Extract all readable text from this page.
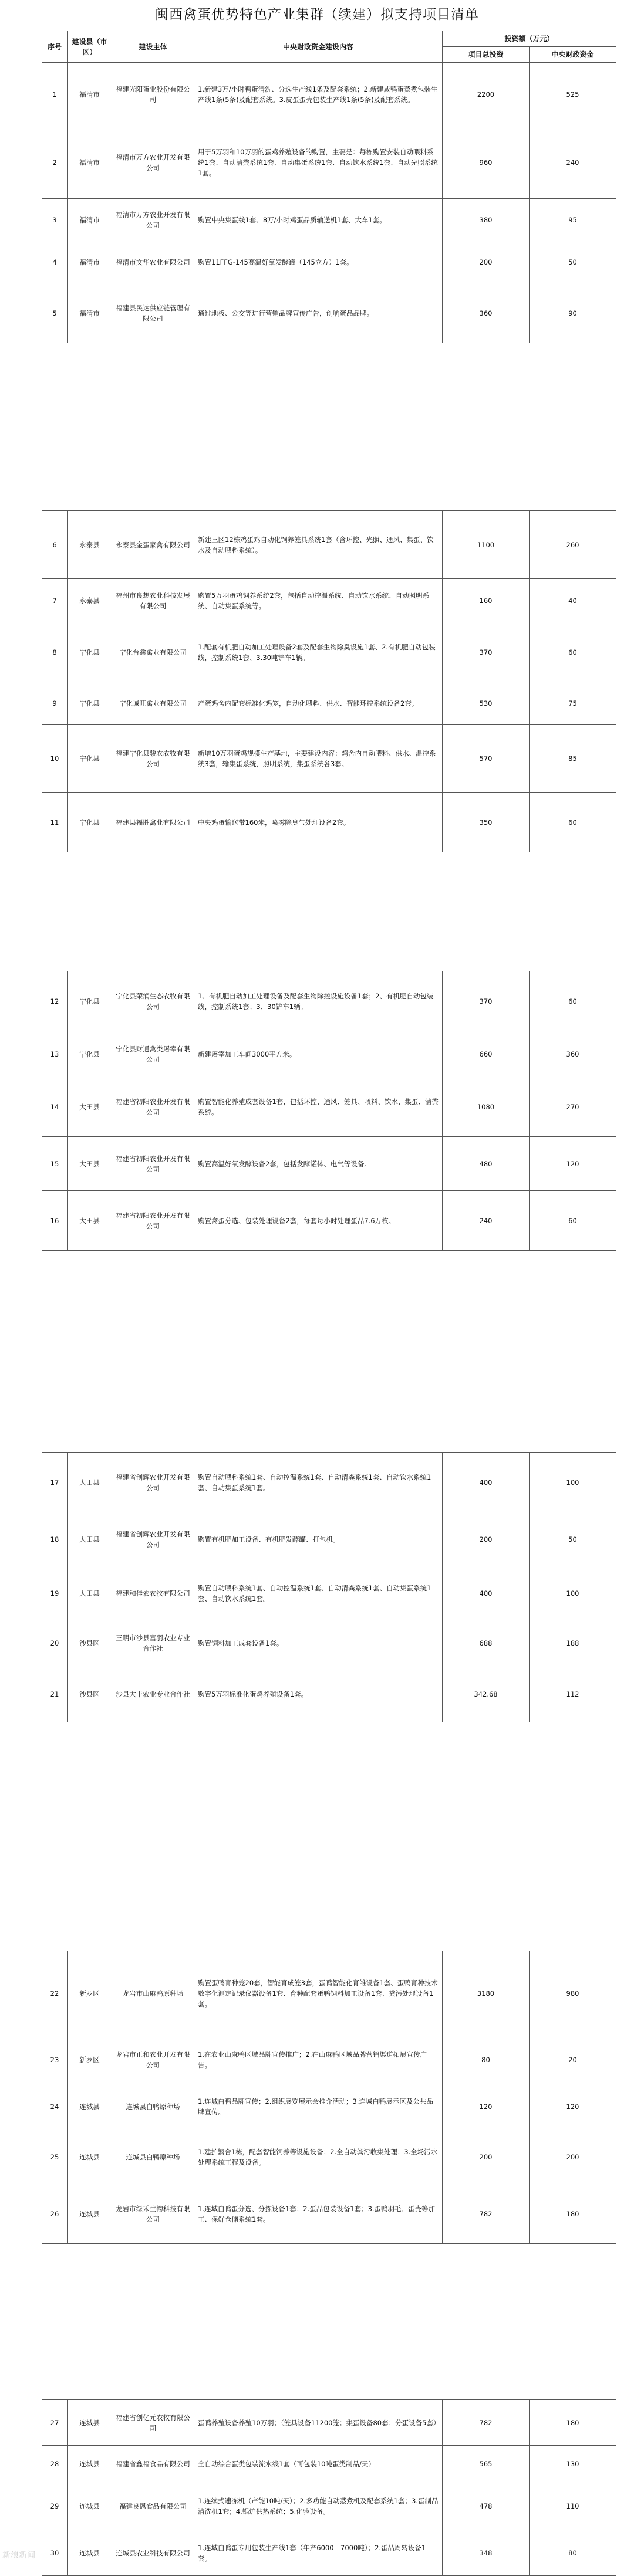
闽西禽蛋优势特色产业集群（续建）拟支持项目清单
序号	建设县（市区）	建设主体	中央财政资金建设内容	投资额（万元）	
				项目总投资	中央财政资金
1	福清市	福建光阳蛋业股份有限公司	1.新建3万/小时鸭蛋清洗、分选生产线1条及配套系统；2.新建咸鸭蛋蒸煮包装生产线1条(5条)及配套系统。3.皮蛋蛋壳包装生产线1条(5条)及配套系统。	2200	525
2	福清市	福清市万方农业开发有限公司	用于5万羽和10万羽的蛋鸡养殖设备的购置，主要是：每栋购置安装自动喂料系统1套、自动清粪系统1套、自动集蛋系统1套、自动饮水系统1套、自动光照系统1套。	960	240
3	福清市	福清市万方农业开发有限公司	购置中央集蛋线1套、8万/小时鸡蛋品质输送机1套、大车1套。	380	95
4	福清市	福清市文华农业有限公司	购置11FFG-145高温好氧发酵罐（145立方）1套。	200	50
5	福清市	福建县民达供应链管理有限公司	通过地板、公交等进行营销品牌宣传广告，创响蛋品品牌。	360	90
6	永泰县	永泰县金蛋家禽有限公司	新建三区12栋鸡蛋鸡自动化饲养笼具系统1套（含环控、光照、通风、集蛋、饮水及自动喂料系统）。	1100	260
7	永泰县	福州市良想农业科技发展有限公司	购置5万羽蛋鸡饲养系统2套，包括自动控温系统、自动饮水系统、自动照明系统、自动集蛋系统等。	160	40
8	宁化县	宁化台鑫禽业有限公司	1.配套有机肥自动加工处理设备2套及配套生物除臭设施1套、2.有机肥自动包装线，控制系统1套、3.30吨铲车1辆。	370	60
9	宁化县	宁化诚旺禽业有限公司	产蛋鸡舍内配套标准化鸡笼，自动化喂料、供水、智能环控系统设备2套。	530	75
10	宁化县	福建宁化县骏农农牧有限公司	新增10万羽蛋鸡规模生产基地，主要建设内容：鸡舍内自动喂料、供水、温控系统3套，输集蛋系统，照明系统，集蛋系统各3套。	570	85
11	宁化县	福建县福胜禽业有限公司	中央鸡蛋输送带160米，喷雾除臭气处理设备2套。	350	60
12	宁化县	宁化县荣润生态农牧有限公司	1、有机肥自动加工处理设备及配套生物除控设施设备1套；2、有机肥自动包装线，控制系统1套；3、30铲车1辆。	370	60
13	宁化县	宁化县财通禽类屠宰有限公司	新建屠宰加工车间3000平方米。	660	360
14	大田县	福建省初阳农业开发有限公司	购置智能化养殖成套设备1套，包括环控、通风、笼具、喂料、饮水、集蛋、清粪系统。	1080	270
15	大田县	福建省初阳农业开发有限公司	购置高温好氧发酵设备2套，包括发酵罐体、电气等设备。	480	120
16	大田县	福建省初阳农业开发有限公司	购置禽蛋分选、包装处理设备2套，每套每小时处理蛋品7.6万枚。	240	60
17	大田县	福建省创辉农业开发有限公司	购置自动喂料系统1套、自动控温系统1套、自动清粪系统1套、自动饮水系统1套、自动集蛋系统1套。	400	100
18	大田县	福建省创辉农业开发有限公司	购置有机肥加工设备、有机肥发酵罐、打包机。	200	50
19	大田县	福建和佳农农牧有限公司	购置自动喂料系统1套、自动控温系统1套、自动清粪系统1套、自动集蛋系统1套、自动饮水系统1套。	400	100
20	沙县区	三明市沙县富羽农业专业合作社	购置饲料加工成套设备1套。	688	188
21	沙县区	沙县大丰农业专业合作社	购置5万羽标准化蛋鸡养殖设备1套。	342.68	112
22	新罗区	龙岩市山麻鸭原种场	购置蛋鸭育种笼20套，智能育成笼3套，蛋鸭智能化育雏设备1套、蛋鸭育种技术数字化测定记录仪器设备1套、育种配套蛋鸭饲料加工设备1套、粪污处理设备1套。	3180	980
23	新罗区	龙岩市正和农业开发有限公司	1.在农业山麻鸭区域品牌宣传推广；2.在山麻鸭区域品牌营销渠道拓展宣传广告。	80	20
24	连城县	连城县白鸭原种场	1.连城白鸭品牌宣传；2.组织展览展示会推介活动；3.连城白鸭展示区及公共品牌宣传。	120	120
25	连城县	连城县白鸭原种场	1.建扩繁舍1栋，配套智能饲养等设施设备；2.全自动粪污收集处理；3.全场污水处理系统工程及设备。	200	200
26	连城县	龙岩市绿禾生物科技有限公司	1.连城白鸭蛋分选、分拣设备1套；2.蛋品包装设备1套；3.蛋鸭羽毛、蛋壳等加工、保鲜仓储系统1套。	782	180
27	连城县	福建省创亿元农牧有限公司	蛋鸭养殖设备养殖10万羽；（笼具设备11200笼；集蛋设备80套；分蛋设备5套）	782	180
28	连城县	福建省鑫福食品有限公司	全自动综合蛋类包装流水线1套（可包装10吨蛋类制品/天）	565	130
29	连城县	福建良恩食品有限公司	1.连续式速冻机（产能10吨/天）；2.多功能自动蒸煮机及配套系统1套；3.蛋制品清洗机1套；4.锅炉供热系统；5.化验设备。	478	110
30	连城县	连城县农业科技有限公司	1.连城白鸭蛋专用包装生产线1套（年产6000—7000吨）；2.蛋品周转设备1套。	348	80
新浪新闻
